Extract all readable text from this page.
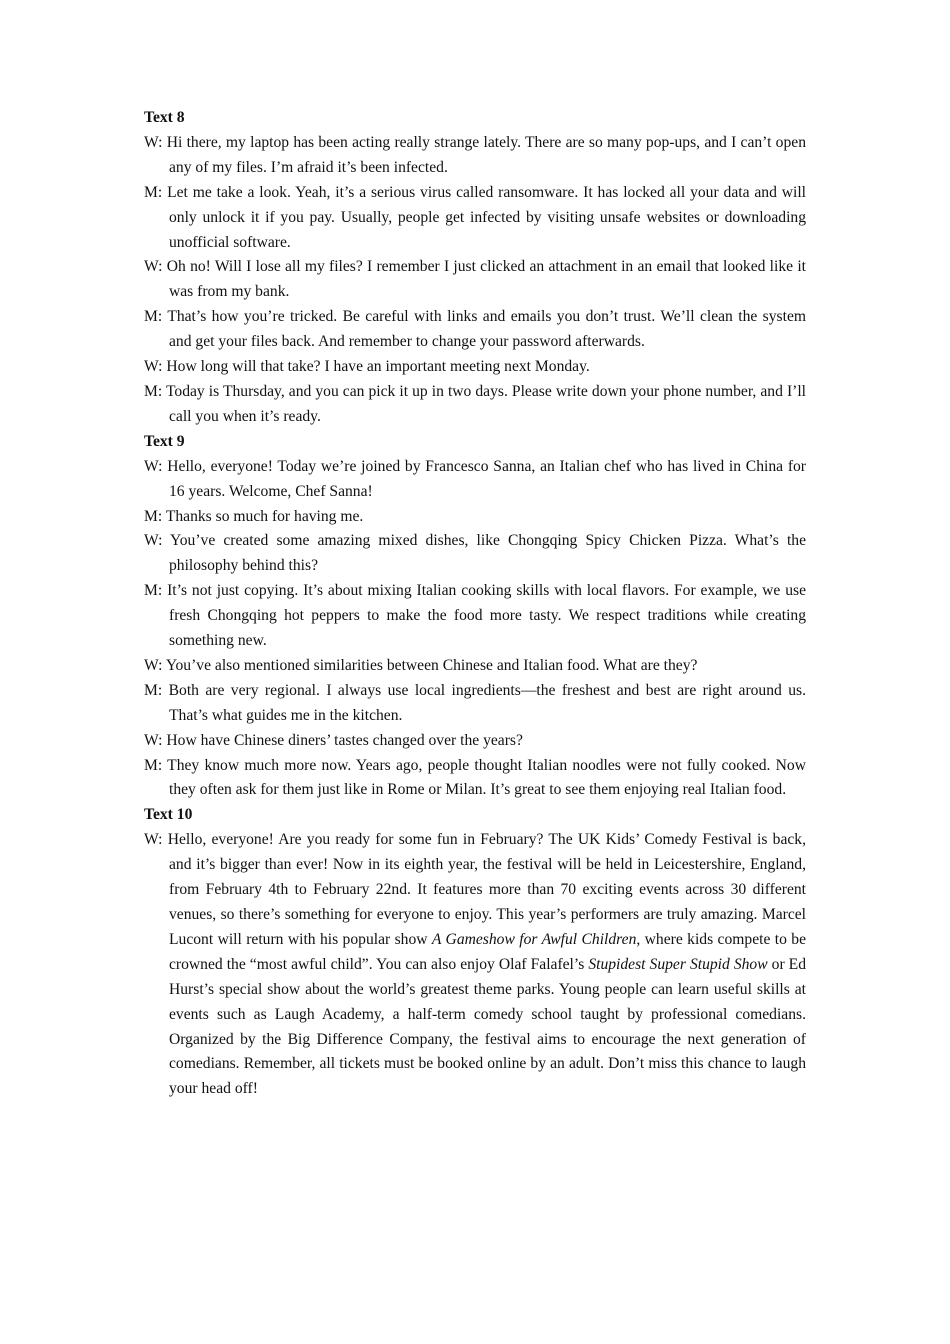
Text 8

W: Hi there, my laptop has been acting really strange lately. There are so many pop-ups, and I can’t open any of my files. I’m afraid it’s been infected.

M: Let me take a look. Yeah, it’s a serious virus called ransomware. It has locked all your data and will only unlock it if you pay. Usually, people get infected by visiting unsafe websites or downloading unofficial software.

W: Oh no! Will I lose all my files? I remember I just clicked an attachment in an email that looked like it was from my bank.

M: That’s how you’re tricked. Be careful with links and emails you don’t trust. We’ll clean the system and get your files back. And remember to change your password afterwards.

W: How long will that take? I have an important meeting next Monday.

M: Today is Thursday, and you can pick it up in two days. Please write down your phone number, and I’ll call you when it’s ready.

Text 9

W: Hello, everyone! Today we’re joined by Francesco Sanna, an Italian chef who has lived in China for 16 years. Welcome, Chef Sanna!

M: Thanks so much for having me.

W: You’ve created some amazing mixed dishes, like Chongqing Spicy Chicken Pizza. What’s the philosophy behind this?

M: It’s not just copying. It’s about mixing Italian cooking skills with local flavors. For example, we use fresh Chongqing hot peppers to make the food more tasty. We respect traditions while creating something new.

W: You’ve also mentioned similarities between Chinese and Italian food. What are they?

M: Both are very regional. I always use local ingredients—the freshest and best are right around us. That’s what guides me in the kitchen.

W: How have Chinese diners’ tastes changed over the years?

M: They know much more now. Years ago, people thought Italian noodles were not fully cooked. Now they often ask for them just like in Rome or Milan. It’s great to see them enjoying real Italian food.

Text 10

W: Hello, everyone! Are you ready for some fun in February? The UK Kids’ Comedy Festival is back, and it’s bigger than ever! Now in its eighth year, the festival will be held in Leicestershire, England, from February 4th to February 22nd. It features more than 70 exciting events across 30 different venues, so there’s something for everyone to enjoy. This year’s performers are truly amazing. Marcel Lucont will return with his popular show A Gameshow for Awful Children, where kids compete to be crowned the “most awful child”. You can also enjoy Olaf Falafel’s Stupidest Super Stupid Show or Ed Hurst’s special show about the world’s greatest theme parks. Young people can learn useful skills at events such as Laugh Academy, a half-term comedy school taught by professional comedians. Organized by the Big Difference Company, the festival aims to encourage the next generation of comedians. Remember, all tickets must be booked online by an adult. Don’t miss this chance to laugh your head off!
